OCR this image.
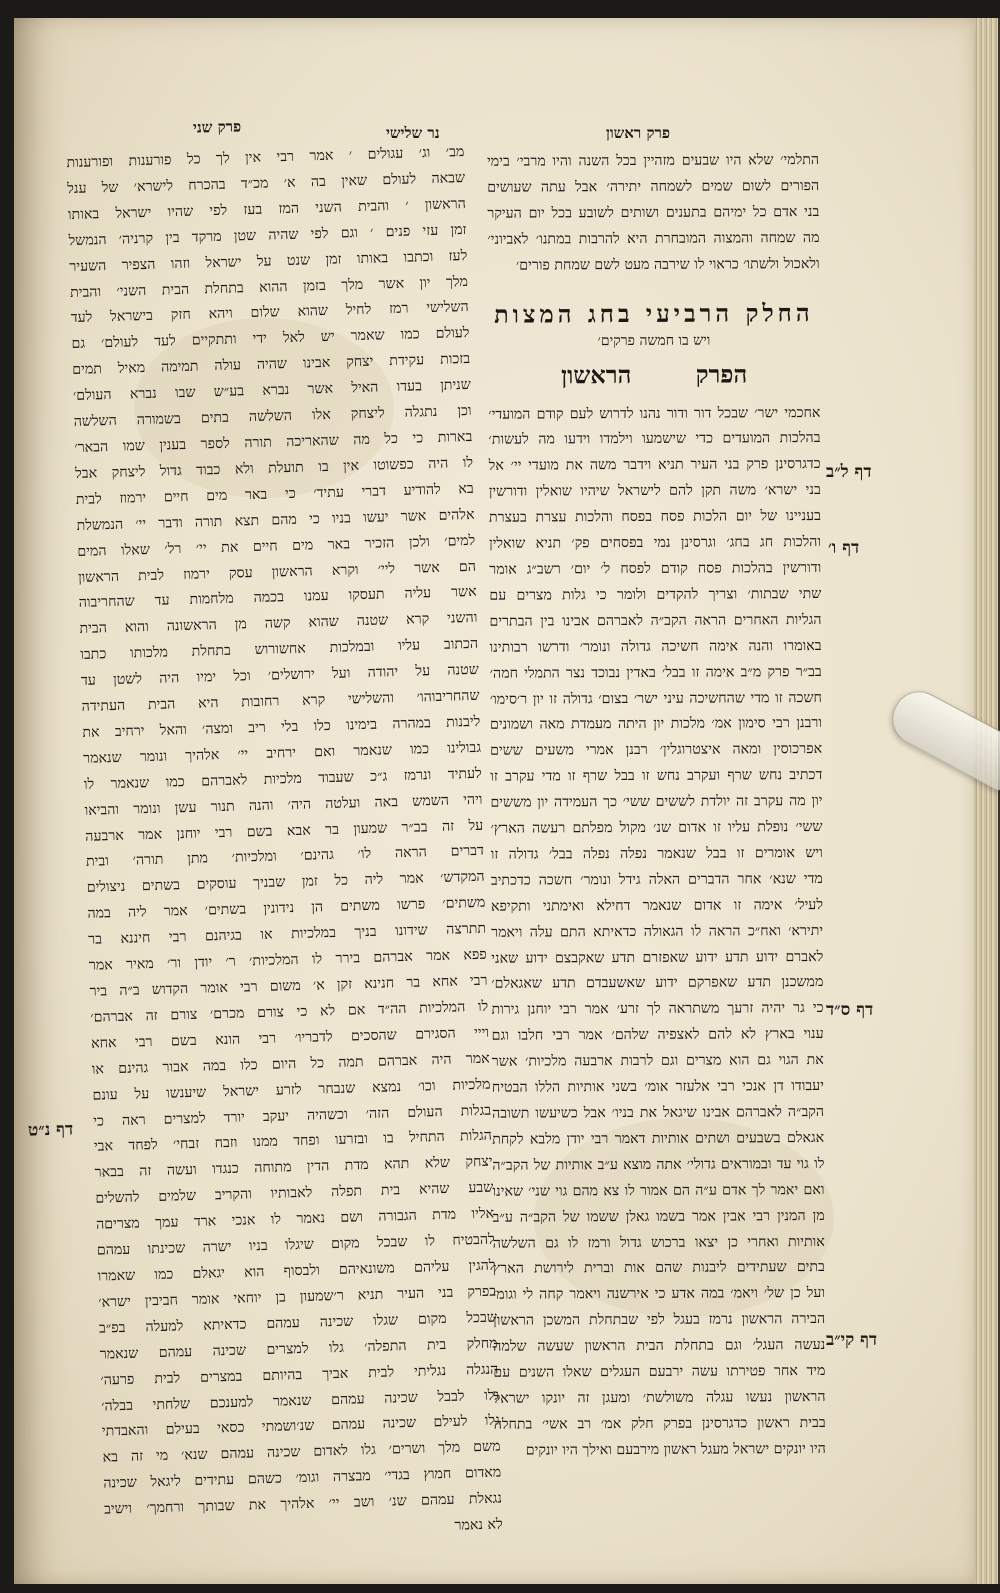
פרק שני	נר שלישי	פרק ראשון
מב׳ וג׳ עגולים ׳ אמר רבי אין לך כל פורענות ופורענות
שבאה לעולם שאין בה א׳ מכ״ד בהכרח לישרא׳ של ענל
הראשון ׳ והבית השני המז בעז לפי שהיו ישראל באותו
זמן עזי פנים ׳ וגם לפי שהיה שטן מרקד בין קרניה׳ הנמשל
לעז וכתבו באותו זמן שנט על ישראל וזהו הצפיר השעיר
מלך יון אשר מלך בזמן ההוא בתחלת הבית השני׳ והבית
השלישי רמז לחיל שהוא שלום ויהא חזק בישראל לעד
לעולם כמו שאמר יש לאל ידי ותתקיים לעד לעולם׳ גם
בזכות עקידת יצחק אבינו שהיה עולה תמימה מאיל תמים
שניתן בעדו האיל אשר נברא בע״ש שבו נברא העולם׳
וכן נתגלה ליצחק אלו השלשה בתים בשמורה השלשה
בארות כי כל מה שהאריכה תורה לספר בענין שמו הבאר׳
לו היה כפשוטו אין בו תועלת ולא כבוד גדול ליצחק אבל
בא להודיע דברי עתיד׳ כי באר מים חיים ירמוז לבית
אלהים אשר יעשו בניו כי מהם תצא תורה ודבר יי׳ הנמשלת
למים׳ ולכן הזכיר באר מים חיים את יי׳ רל׳ שאלו המים
הם אשר ליי׳ וקרא הראשון עסק ירמוז לבית הראשון
אשר עליה תעסקו עמנו בכמה מלחמות עד שהחריבוה
והשני קרא שטנה שהוא קשה מן הראשונה והוא הבית
הכתוב עליו ובמלכות אחשורוש בתחלת מלכותו כתבו
שטנה על יהודה ועל ירושלים׳ וכל ימיו היה לשטן עד
שהחריבוהו׳ והשלישי קרא רחובות היא הבית העתידה
ליבנות במהרה בימינו כלו בלי ריב ומצה׳ והאל ירחיב את
גבולינו כמו שנאמר ואם ירחיב יי׳ אלהיך ונומר שנאמר
לעתיד ונרמז ג״כ שעבוד מלכיות לאברהם כמו שנאמר לו
ויהי השמש באה ועלטה היה׳ והנה תנור עשן ונומר והביאו
על זה בב״ר שמעון בר אבא בשם רבי יוחנן אמר ארבעה
דברים הראה לו׳ גהינם׳ ומלכיות׳ מתן תורה׳ ובית
המקדש׳ אמר ליה כל זמן שבניך עוסקים בשתים ניצולים
משתים׳ פרשו משתים הן נידונין בשתים׳ אמר ליה במה
תתרצה שידונו בניך במלכיות או בגיהנם רבי חיננא בר
פפא אמר אברהם בירר לו המלכיות׳ ר׳ יודן ור׳ מאיר אמר
רבי אחא בר חנינא זקן א׳ משום רבי אומר הקדוש ב״ה ביר
לו המלכיות הה״ד אם לא כי צורם מכרם׳ צורם זה אברהם׳
וייי הסגירם שהסכים לדבריו׳ רבי הונא בשם רבי אחא
אמר היה אברהם תמה כל היום כלו במה אבור גהינם או
מלכיות וכו׳ נמצא שנבחר לזרע ישראל שיענשו על עונם
בגלות העולם הזה׳ וכשהיה יעקב יורד למצרים ראה כי
הגלות התחיל בו ובזרעו ופחד ממנו וזבח זבחי׳ לפחד אבי
יצחק שלא תהא מדת הדין מתוחה כנגדו ועשה זה בבאר
שבע שהיא בית תפלה לאבותיו והקריב שלמים להשלים
אליו מדת הגבורה ושם נאמר לו אנכי ארד עמך מצריםה
להבטיח לו שבכל מקום שיגלו בניו ישרה שכינתו עמהם
להגין עליהם משונאיהם ולבסוף הוא יגאלם כמו שאמרו
בפרק בני העיר תניא ר׳שמעון בן יוחאי אומר חביבין ישרא׳
שבכל מקום שגלו שכינה עמהם כדאיתא למעלה בפ״ב
מחלק בית התפלה׳ גלו למצרים שכינה עמהם שנאמר
הנגלה נגליתי לבית אביך בהיותם במצרים לבית פרעה׳
גלו לבבל שכינה עמהם שנאמר למענכם שלחתי בבלה׳
גלו לעילם שכינה עמהם שנ׳ושמתי כסאי בעילם והאבדתי
משם מלך ושרים׳ גלו לאדום שכינה עמהם שנא׳ מי זה בא
מאדום חמוץ בגדי׳ מבצרה וגומ׳ כשהם עתידים ליגאל שכינה
נגאלת עמהם שנ׳ ושב יי׳ אלהיך את שבותך ורחמך׳ וישיב
לא נאמר
התלמי׳ שלא היו שבעים מזהיין בכל השנה והיו מרבי׳ בימי
הפורים לשום שמים לשמחה יתירה׳ אבל עתה שעושים
בני אדם כל ימיהם בתענים ושותים לשובע בכל יום העיקר
מה שמחה והמצוה המובחרת היא להרבות במתנו׳ לאביוני׳
ולאכול ולשתו׳ כראוי לו שירבה מעט לשם שמחת פורים׳
החלק הרביעי בחג המצות
ויש בו חמשה פרקים׳
הפרק הראשון
אחכמי ישר׳ שבכל דור ודור נהנו לדרוש לעם קודם המועדי׳
בהלכות המועדים כדי שישמעו וילמדו וידעו מה לעשות׳
כדגרסינן פרק בני העיר תניא וידבר משה את מועדי יי׳ אל
בני ישרא׳ משה תקן להם לישראל שיהיו שואלין ודורשין
בעניינו של יום הלכות פסח בפסח והלכות עצרת בעצרת
והלכות חג בחג׳ וגרסינן נמי בפסחים פק׳ תניא שואלין
ודורשין בהלכות פסח קודם לפסח ל׳ יום׳ רשב״ג אומר
שתי שבתות׳ וצריך להקדים ולומר כי גלות מצרים עם
הגליות האחרים הראה הקב״ה לאברהם אבינו בין הבתרים
באומרו והנה אימה חשיכה גדולה ונומר׳ ודרשו רבותינו
בב״ר פרק מ״ב אימה זו בבל׳ באדין נבוכד נצר התמלי חמה׳
חשכה זו מדי שהחשיכה עיני ישר׳ בצום׳ גדולה זו יון ר׳סימו׳
ורבנן רבי סימון אמ׳ מלכות יון היתה מעמדת מאה ושמונים
אפרכוסין ומאה איצטרוגלין׳ רבנן אמרי משעים ששים
דכתיב נחש שרף ועקרב נחש זו בבל שרף זו מדי עקרב זו
יון מה עקרב זה יולדת לששים ששי׳ כך העמידה יון מששים
ששי׳ נופלת עליו זו אדום שנ׳ מקול מפלתם רעשה הארץ׳
ויש אומרים זו בבל שנאמר נפלה נפלה בבל׳ גדולה זו
מדי שנא׳ אחר הדברים האלה גידל ונומר׳ חשכה כדכתיב
לעיל׳ אימה זו אדום שנאמר דחילא ואימתני ותקיפא
יתירא׳ ואח״כ הראה לו הגאולה כדאיתא התם עלה ויאמר
לאברם ידוע תדע ידוע שאפזרם תדע שאקבצם ידוע שאני
ממשכנן תדע שאפרקם ידוע שאשעבדם תדע שאגאלם׳
כי גר יהיה זרעך משתראה לך זרע׳ אמר רבי יוחנן גירות
ענוי בארץ לא להם לאצפיה שלהם׳ אמר רבי חלבו וגם
את הגוי גם הוא מצרים וגם לרבות ארבעה מלכיות׳ אשר
יעבודו דן אנכי רבי אלעזר אומ׳ בשני אותיות הללו הבטיח
הקב״ה לאברהם אבינו שיגאל את בניו׳ אבל כשיעשו תשובה
אגאלם בשבעים ושתים אותיות דאמר רבי יודן מלבא לקחת
לו גוי עד ובמוראים גדולי׳ אתה מוצא ע״ב אותיות של הקב״ה
ואם יאמר לך אדם ע״ה הם אמור לו צא מהם גוי שני׳ שאינו
מן המנין רבי אבין אמר בשמו גאלן ששמו של הקב״ה ע״ב
אותיות ואחרי כן יצאו ברכוש גדול ורמז לו גם השלשה
בתים שעתידים ליבנות שהם אות וברית לירושת הארץ
ועל כן של׳ ויאמ׳ במה אדע כי אירשנה ויאמר קחה לי וגומ׳
הבירה הראשון נרמז בעגל לפי שבתחלת המשכן הראשון
נעשה העגל׳ וגם בתחלת הבית הראשון שעשה שלמה
מיד אחר פטירתו עשה ירבעם העגלים שאלו השנים עם
הראשון נעשו עגלה משולשת׳ ומעגן זה יונקו ישראל
בבית ראשון כדגרסינן בפרק חלק אמ׳ רב אשי׳ בתחלה
היו יונקים ישראל מעגל ראשון מירבעם ואילך היו יונקים
דף ל״ב
דף ו׳
דף ס״ד
דף קי״ב
דף נ״ט
